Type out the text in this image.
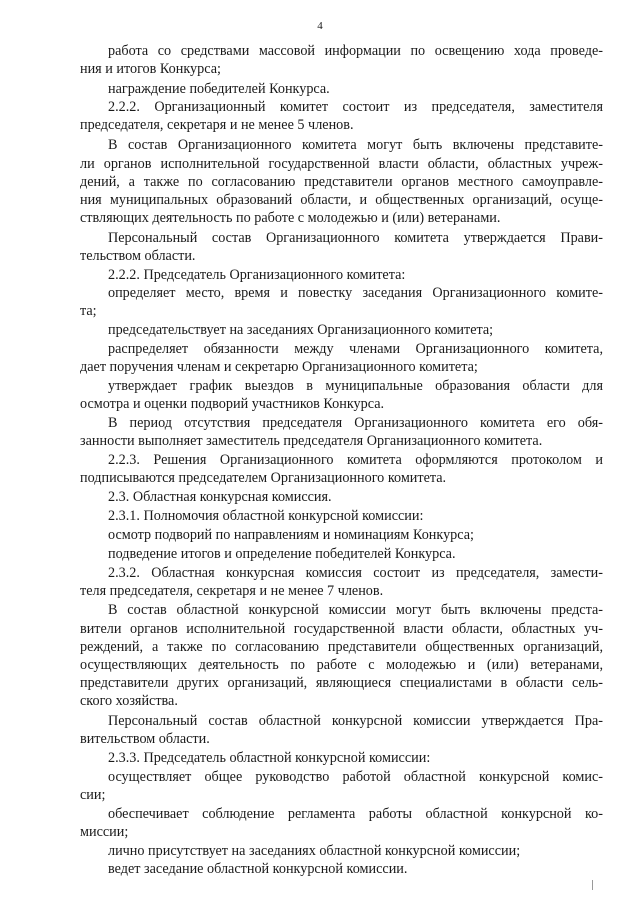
4
работа со средствами массовой информации по освещению хода проведе-
ния и итогов Конкурса;
награждение победителей Конкурса.
2.2.2. Организационный комитет состоит из председателя, заместителя
председателя, секретаря и не менее 5 членов.
В состав Организационного комитета могут быть включены представите-
ли органов исполнительной государственной власти области, областных учреж-
дений, а также по согласованию представители органов местного самоуправле-
ния муниципальных образований области, и общественных организаций, осуще-
ствляющих деятельность по работе с молодежью и (или) ветеранами.
Персональный состав Организационного комитета утверждается Прави-
тельством области.
2.2.2. Председатель Организационного комитета:
определяет место, время и повестку заседания Организационного комите-
та;
председательствует на заседаниях Организационного комитета;
распределяет обязанности между членами Организационного комитета,
дает поручения членам и секретарю Организационного комитета;
утверждает график выездов в муниципальные образования области для
осмотра и оценки подворий участников Конкурса.
В период отсутствия председателя Организационного комитета его обя-
занности выполняет заместитель председателя Организационного комитета.
2.2.3. Решения Организационного комитета оформляются протоколом и
подписываются председателем Организационного комитета.
2.3. Областная конкурсная комиссия.
2.3.1. Полномочия областной конкурсной комиссии:
осмотр подворий по направлениям и номинациям Конкурса;
подведение итогов и определение победителей Конкурса.
2.3.2. Областная конкурсная комиссия состоит из председателя, замести-
теля председателя, секретаря и не менее 7 членов.
В состав областной конкурсной комиссии могут быть включены предста-
вители органов исполнительной государственной власти области, областных уч-
реждений, а также по согласованию представители общественных организаций,
осуществляющих деятельность по работе с молодежью и (или) ветеранами,
представители других организаций, являющиеся специалистами в области сель-
ского хозяйства.
Персональный состав областной конкурсной комиссии утверждается Пра-
вительством области.
2.3.3. Председатель областной конкурсной комиссии:
осуществляет общее руководство работой областной конкурсной комис-
сии;
обеспечивает соблюдение регламента работы областной конкурсной ко-
миссии;
лично присутствует на заседаниях областной конкурсной комиссии;
ведет заседание областной конкурсной комиссии.
